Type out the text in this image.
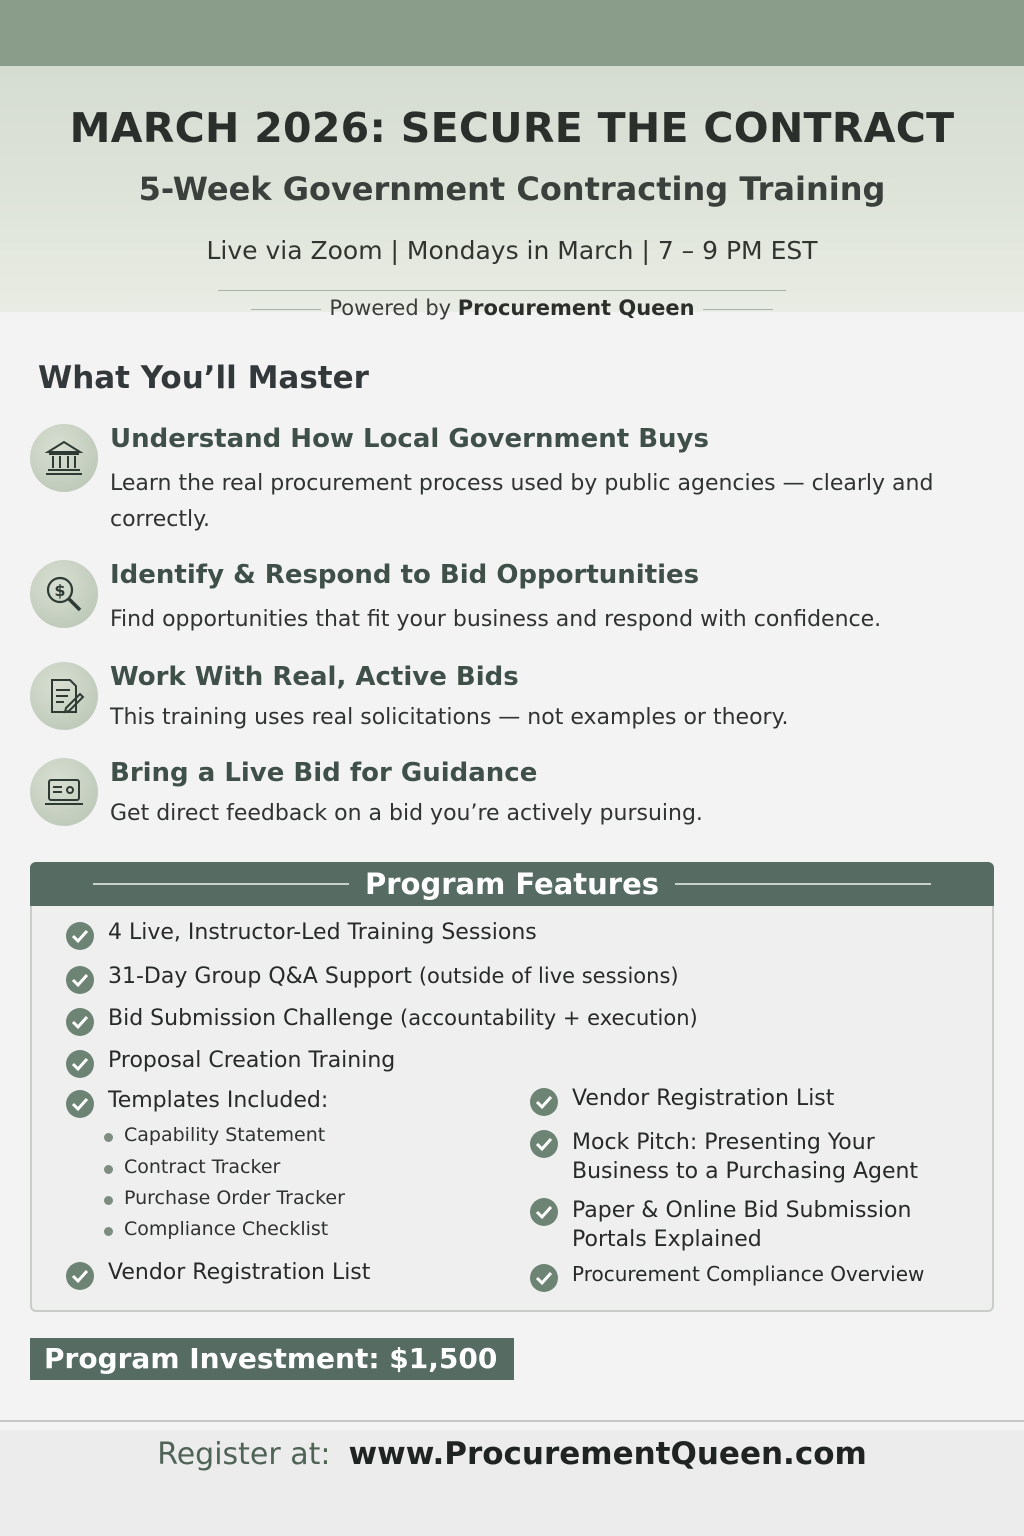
MARCH 2026: SECURE THE CONTRACT
5-Week Government Contracting Training
Live via Zoom | Mondays in March | 7 – 9 PM EST
Powered by Procurement Queen
What You’ll Master
Understand How Local Government Buys
Learn the real procurement process used by public agencies — clearly and correctly.
$
Identify & Respond to Bid Opportunities
Find opportunities that fit your business and respond with confidence.
Work With Real, Active Bids
This training uses real solicitations — not examples or theory.
Bring a Live Bid for Guidance
Get direct feedback on a bid you’re actively pursuing.
Program Features
4 Live, Instructor-Led Training Sessions
31-Day Group Q&A Support (outside of live sessions)
Bid Submission Challenge (accountability + execution)
Proposal Creation Training
Templates Included:
Capability Statement
Contract Tracker
Purchase Order Tracker
Compliance Checklist
Vendor Registration List
Vendor Registration List
Mock Pitch: Presenting Your
Business to a Purchasing Agent
Paper & Online Bid Submission
Portals Explained
Procurement Compliance Overview
Program Investment: $1,500

Register at: www.ProcurementQueen.com
